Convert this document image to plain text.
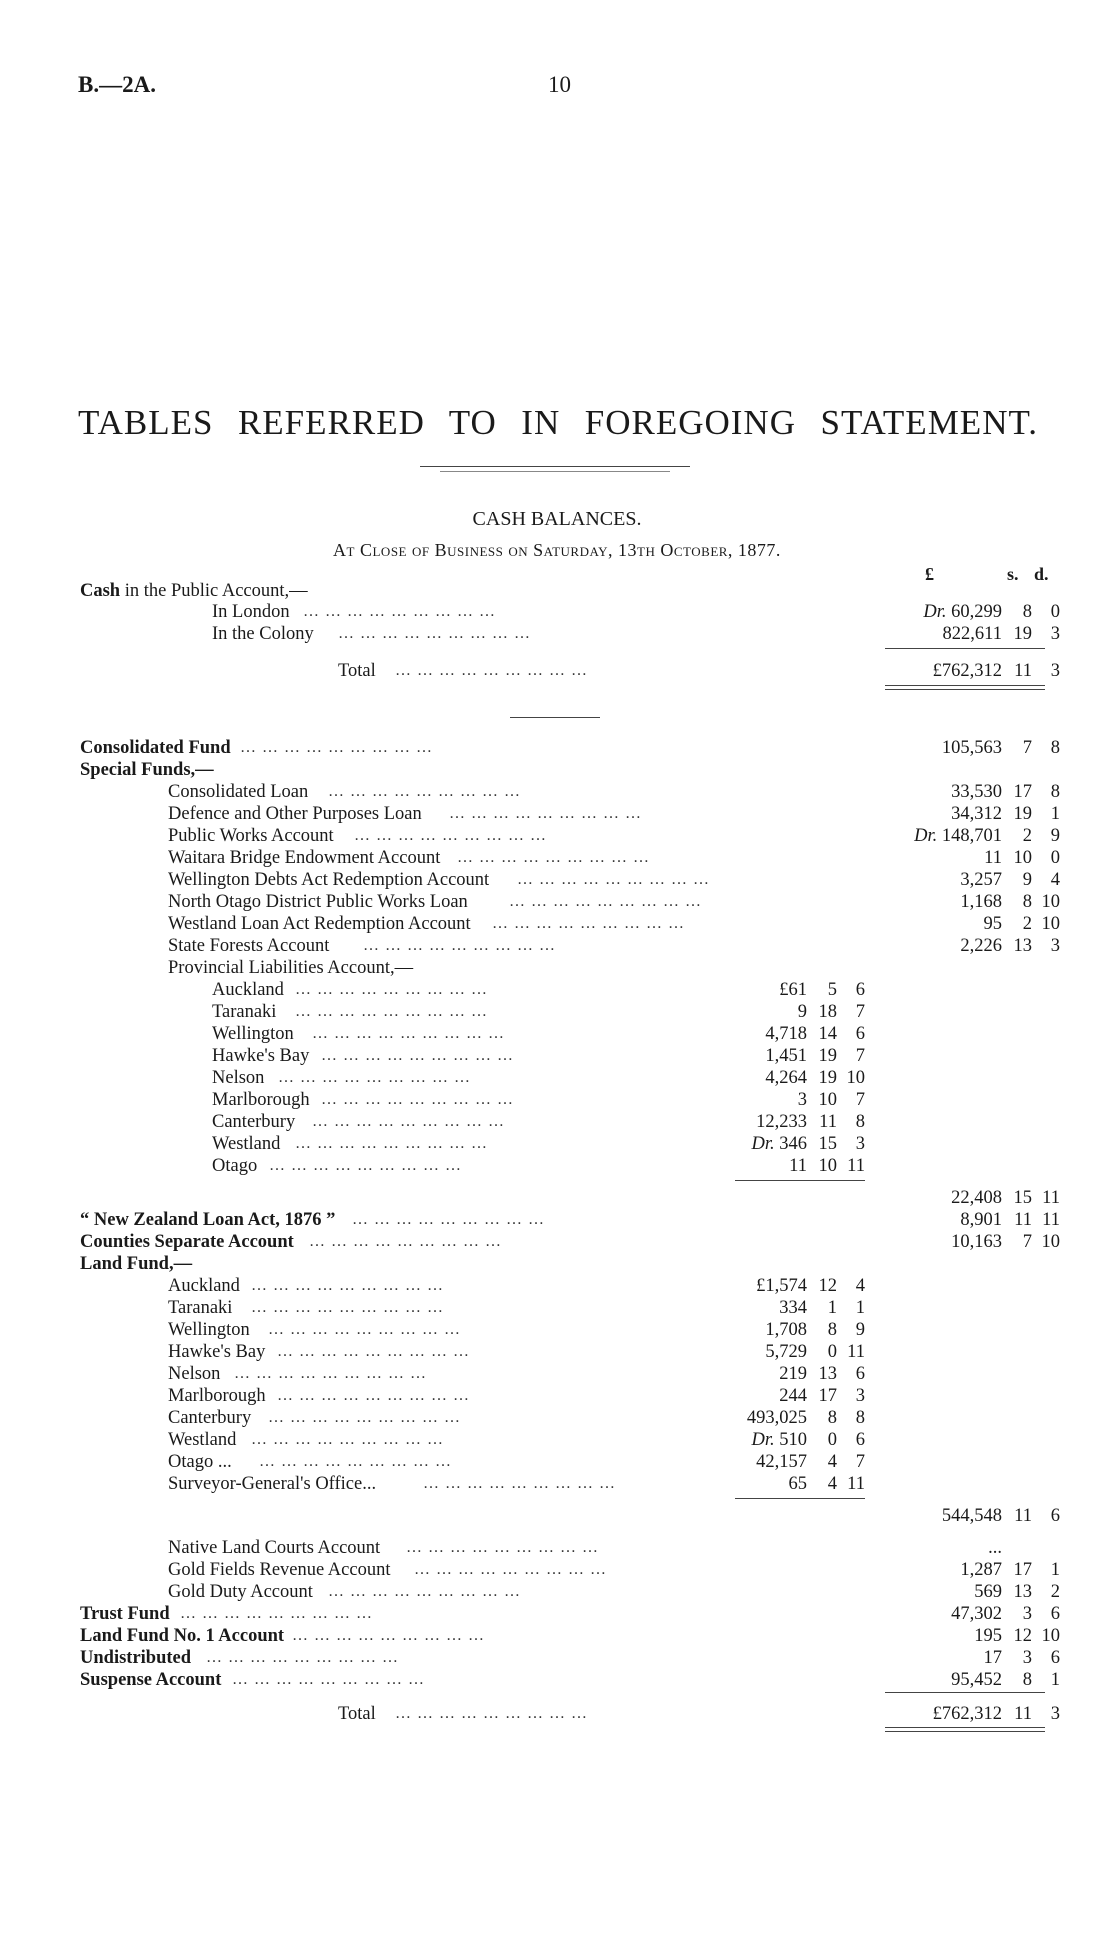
B.—2A.	10
TABLES REFERRED TO IN FOREGOING STATEMENT.
CASH BALANCES.
At Close of Business on Saturday, 13th October, 1877.
£	s. d.
Cash in the Public Account,—
In London … … … … … … … … …	Dr. 60,299	8	0
In the Colony … … … … … … … … …	822,611 19	3
Total … … … … … … … … …	£762,312 11	3
Consolidated Fund … … … … … … … … …	105,563	7	8
Special Funds,—
Consolidated Loan … … … … … … … … …	33,530 17	8
Defence and Other Purposes Loan … … … … … … … … …	34,312 19	1
Public Works Account … … … … … … … … …	Dr. 148,701	2	9
Waitara Bridge Endowment Account … … … … … … … … …	11 10	0
Wellington Debts Act Redemption Account … … … … … … … … …	3,257	9	4
North Otago District Public Works Loan	… … … … … … … … …	1,168	8 10
Westland Loan Act Redemption Account … … … … … … … … …	95	2 10
State Forests Account … … … … … … … … …	2,226 13	3
Provincial Liabilities Account,—
Auckland … … … … … … … … …	£61	5	6
Taranaki … … … … … … … … …	9 18	7
Wellington … … … … … … … … …	4,718 14	6
Hawke's Bay … … … … … … … … …	1,451 19	7
Nelson … … … … … … … … …	4,264 19 10
Marlborough … … … … … … … … …	3 10	7
Canterbury … … … … … … … … …	12,233 11	8
Westland … … … … … … … … …	Dr. 346 15	3
Otago … … … … … … … … …	11 10 11
22,408 15 11
“ New Zealand Loan Act, 1876 ” … … … … … … … … …	8,901 11 11
Counties Separate Account … … … … … … … … …	10,163	7 10
Land Fund,—
Auckland … … … … … … … … …	£1,574 12	4
Taranaki … … … … … … … … …	334	1	1
Wellington … … … … … … … … …	1,708	8	9
Hawke's Bay … … … … … … … … …	5,729	0 11
Nelson … … … … … … … … …	219 13	6
Marlborough … … … … … … … … …	244 17	3
Canterbury … … … … … … … … …	493,025	8	8
Westland … … … … … … … … …	Dr. 510	0	6
Otago ... … … … … … … … … …	42,157	4	7
Surveyor-General's Office...	… … … … … … … … …	65	4 11
544,548 11	6
Native Land Courts Account … … … … … … … … …	...
Gold Fields Revenue Account … … … … … … … … …	1,287 17	1
Gold Duty Account … … … … … … … … …	569 13	2
Trust Fund … … … … … … … … …	47,302	3	6
Land Fund No. 1 Account … … … … … … … … …	195 12 10
Undistributed … … … … … … … … …	17	3	6
Suspense Account … … … … … … … … …	95,452	8	1
Total … … … … … … … … …	£762,312 11	3
